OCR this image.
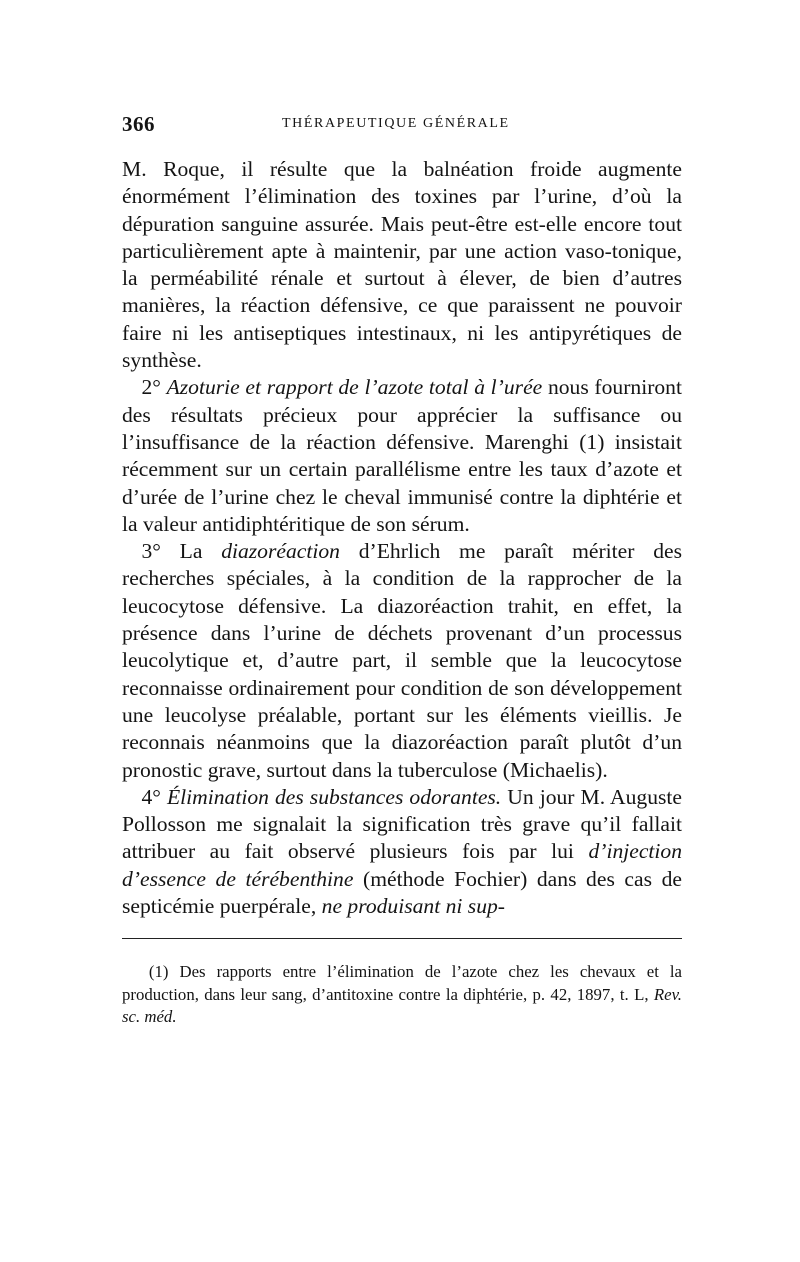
366	THÉRAPEUTIQUE GÉNÉRALE

M. Roque, il résulte que la balnéation froide augmente énormément l’élimination des toxines par l’urine, d’où la dépuration sanguine assurée. Mais peut-être est-elle encore tout particulièrement apte à maintenir, par une action vaso-tonique, la perméabilité rénale et surtout à élever, de bien d’autres manières, la réaction défensive, ce que paraissent ne pouvoir faire ni les antiseptiques intestinaux, ni les antipyrétiques de synthèse.

2° Azoturie et rapport de l’azote total à l’urée nous fourniront des résultats précieux pour apprécier la suffisance ou l’insuffisance de la réaction défensive. Marenghi (1) insistait récemment sur un certain parallélisme entre les taux d’azote et d’urée de l’urine chez le cheval immunisé contre la diphtérie et la valeur antidiphtéritique de son sérum.

3° La diazoréaction d’Ehrlich me paraît mériter des recherches spéciales, à la condition de la rapprocher de la leucocytose défensive. La diazoréaction trahit, en effet, la présence dans l’urine de déchets provenant d’un processus leucolytique et, d’autre part, il semble que la leucocytose reconnaisse ordinairement pour condition de son développement une leucolyse préalable, portant sur les éléments vieillis. Je reconnais néanmoins que la diazoréaction paraît plutôt d’un pronostic grave, surtout dans la tuberculose (Michaelis).

4° Élimination des substances odorantes. Un jour M. Auguste Pollosson me signalait la signification très grave qu’il fallait attribuer au fait observé plusieurs fois par lui d’injection d’essence de térébenthine (méthode Fochier) dans des cas de septicémie puerpérale, ne produisant ni sup-

(1) Des rapports entre l’élimination de l’azote chez les chevaux et la production, dans leur sang, d’antitoxine contre la diphtérie, p. 42, 1897, t. L, Rev. sc. méd.
